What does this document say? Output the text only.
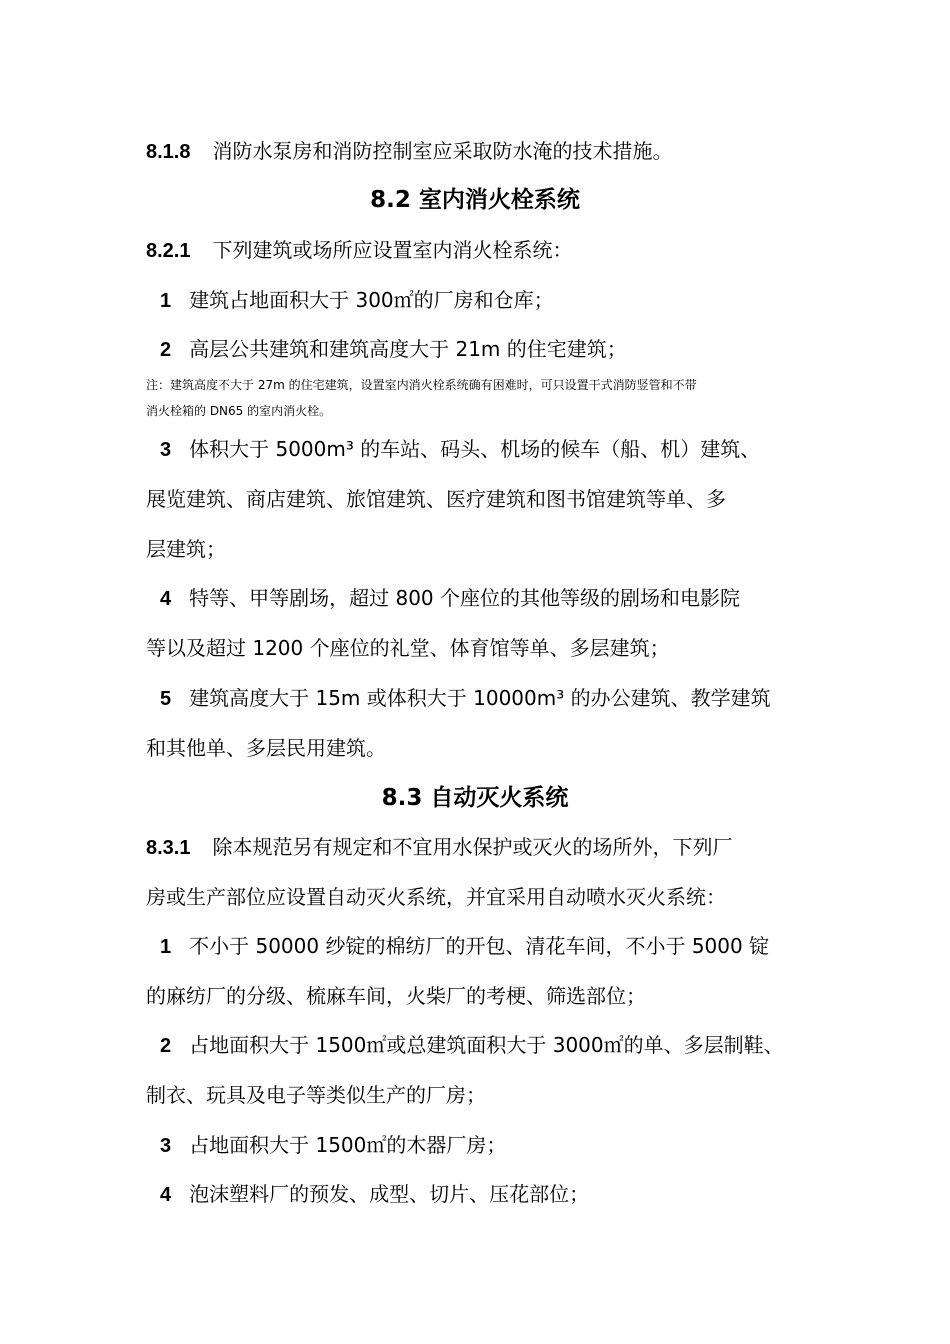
8.1.8 消防水泵房和消防控制室应采取防水淹的技术措施。
8.2 室内消火栓系统
8.2.1 下列建筑或场所应设置室内消火栓系统：
1 建筑占地面积大于 300㎡的厂房和仓库；
2 高层公共建筑和建筑高度大于 21m 的住宅建筑；
注：建筑高度不大于 27m 的住宅建筑，设置室内消火栓系统确有困难时，可只设置干式消防竖管和不带
消火栓箱的 DN65 的室内消火栓。
3 体积大于 5000m³ 的车站、码头、机场的候车（船、机）建筑、
展览建筑、商店建筑、旅馆建筑、医疗建筑和图书馆建筑等单、多
层建筑；
4 特等、甲等剧场，超过 800 个座位的其他等级的剧场和电影院
等以及超过 1200 个座位的礼堂、体育馆等单、多层建筑；
5 建筑高度大于 15m 或体积大于 10000m³ 的办公建筑、教学建筑
和其他单、多层民用建筑。
8.3 自动灭火系统
8.3.1 除本规范另有规定和不宜用水保护或灭火的场所外，下列厂
房或生产部位应设置自动灭火系统，并宜采用自动喷水灭火系统：
1 不小于 50000 纱锭的棉纺厂的开包、清花车间，不小于 5000 锭
的麻纺厂的分级、梳麻车间，火柴厂的考梗、筛选部位；
2 占地面积大于 1500㎡或总建筑面积大于 3000㎡的单、多层制鞋、
制衣、玩具及电子等类似生产的厂房；
3 占地面积大于 1500㎡的木器厂房；
4 泡沫塑料厂的预发、成型、切片、压花部位；
